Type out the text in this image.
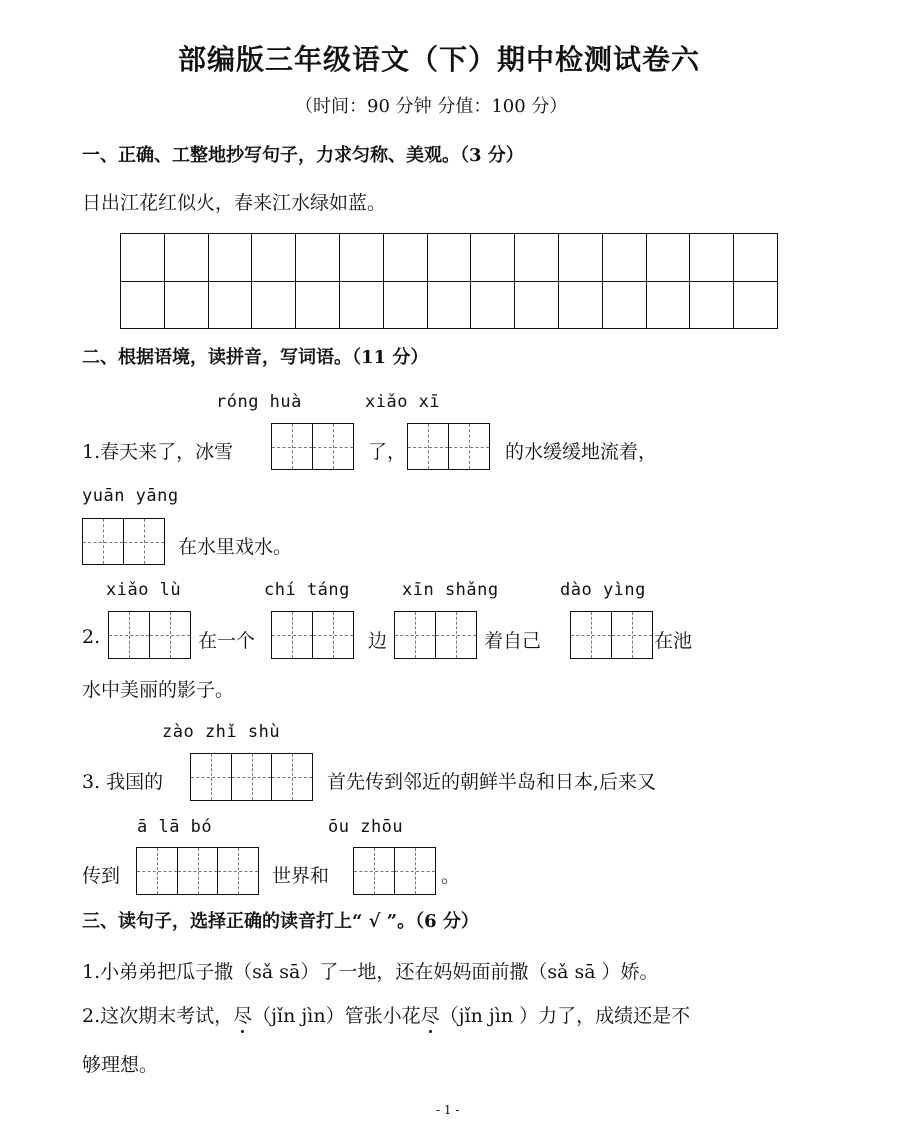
部编版三年级语文（下）期中检测试卷六
（时间：90 分钟 分值：100 分）
一、正确、工整地抄写句子，力求匀称、美观。（3 分）
日出江花红似火，春来江水绿如蓝。

二、根据语境，读拼音，写词语。（11 分）
róng huà	xiǎo xī
1.春天来了，冰雪	了，	的水缓缓地流着，
yuān yāng
在水里戏水。
xiǎo lù	chí táng	xīn shǎng	dào yìng
2.	在一个	边	着自己	在池
水中美丽的影子。
zào zhǐ shù
3. 我国的	首先传到邻近的朝鲜半岛和日本,后来又
ā lā bó	ōu zhōu
传到	世界和	。
三、读句子，选择正确的读音打上“ √ ”。（6 分）
1.小弟弟把瓜子撒（sǎ sā）了一地，还在妈妈面前撒（sǎ sā ）娇。
2.这次期末考试，尽（jǐn jìn）管张小花尽（jǐn jìn ）力了，成绩还是不
够理想。
- 1 -
